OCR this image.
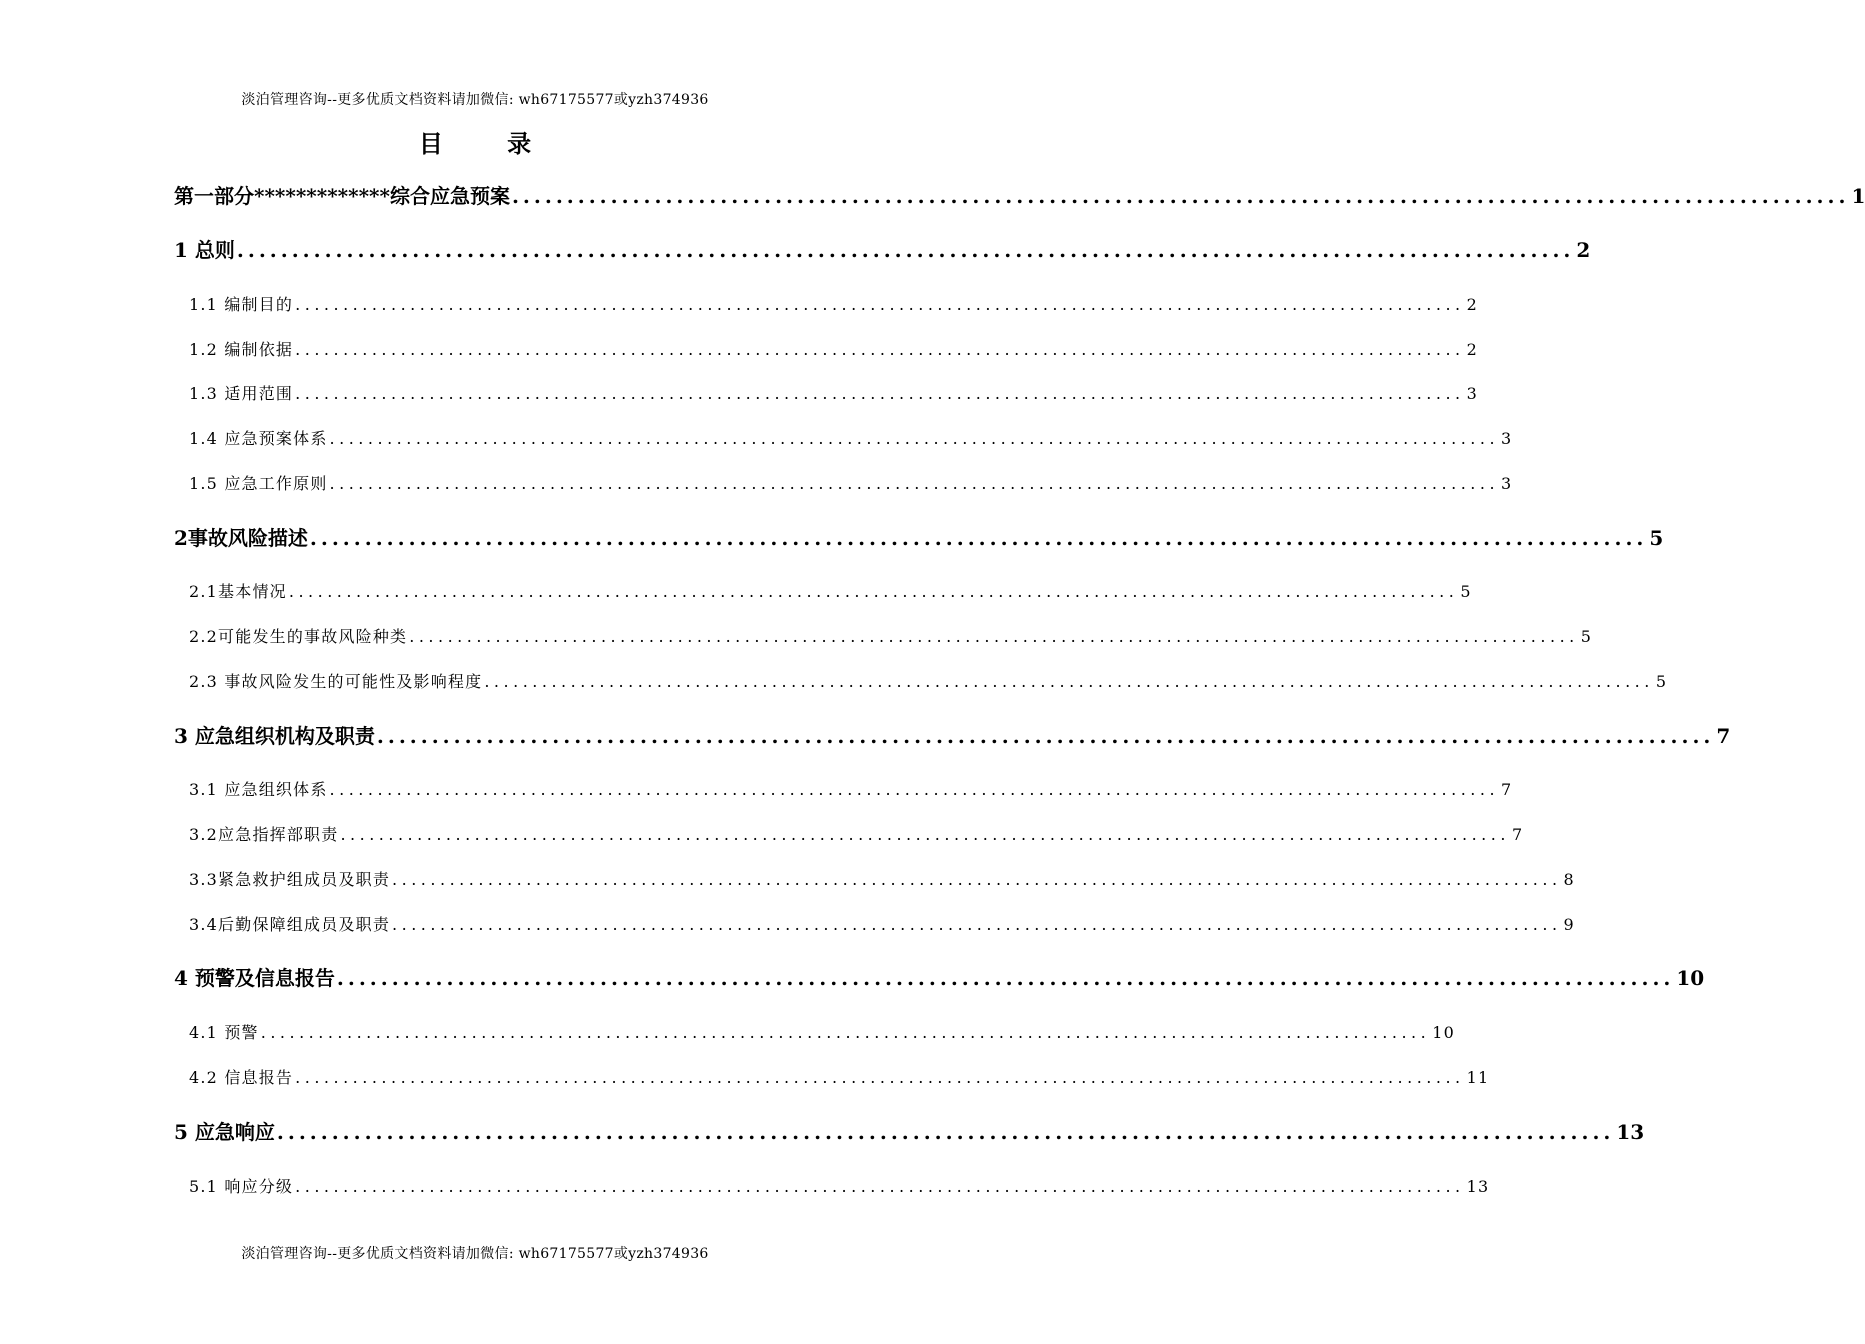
淡泊管理咨询--更多优质文档资料请加微信: wh67175577或yzh374936
目 录
第一部分*************综合应急预案 .......................................................................................................................... 1
1 总则 .......................................................................................................................... 2
1.1 编制目的 .......................................................................................................................... 2
1.2 编制依据 .......................................................................................................................... 2
1.3 适用范围 .......................................................................................................................... 3
1.4 应急预案体系 .......................................................................................................................... 3
1.5 应急工作原则 .......................................................................................................................... 3
2事故风险描述 .......................................................................................................................... 5
2.1基本情况 .......................................................................................................................... 5
2.2可能发生的事故风险种类 .......................................................................................................................... 5
2.3 事故风险发生的可能性及影响程度 .......................................................................................................................... 5
3 应急组织机构及职责 .......................................................................................................................... 7
3.1 应急组织体系 .......................................................................................................................... 7
3.2应急指挥部职责 .......................................................................................................................... 7
3.3紧急救护组成员及职责 .......................................................................................................................... 8
3.4后勤保障组成员及职责 .......................................................................................................................... 9
4 预警及信息报告 .......................................................................................................................... 10
4.1 预警 .......................................................................................................................... 10
4.2 信息报告 .......................................................................................................................... 11
5 应急响应 .......................................................................................................................... 13
5.1 响应分级 .......................................................................................................................... 13
淡泊管理咨询--更多优质文档资料请加微信: wh67175577或yzh374936
